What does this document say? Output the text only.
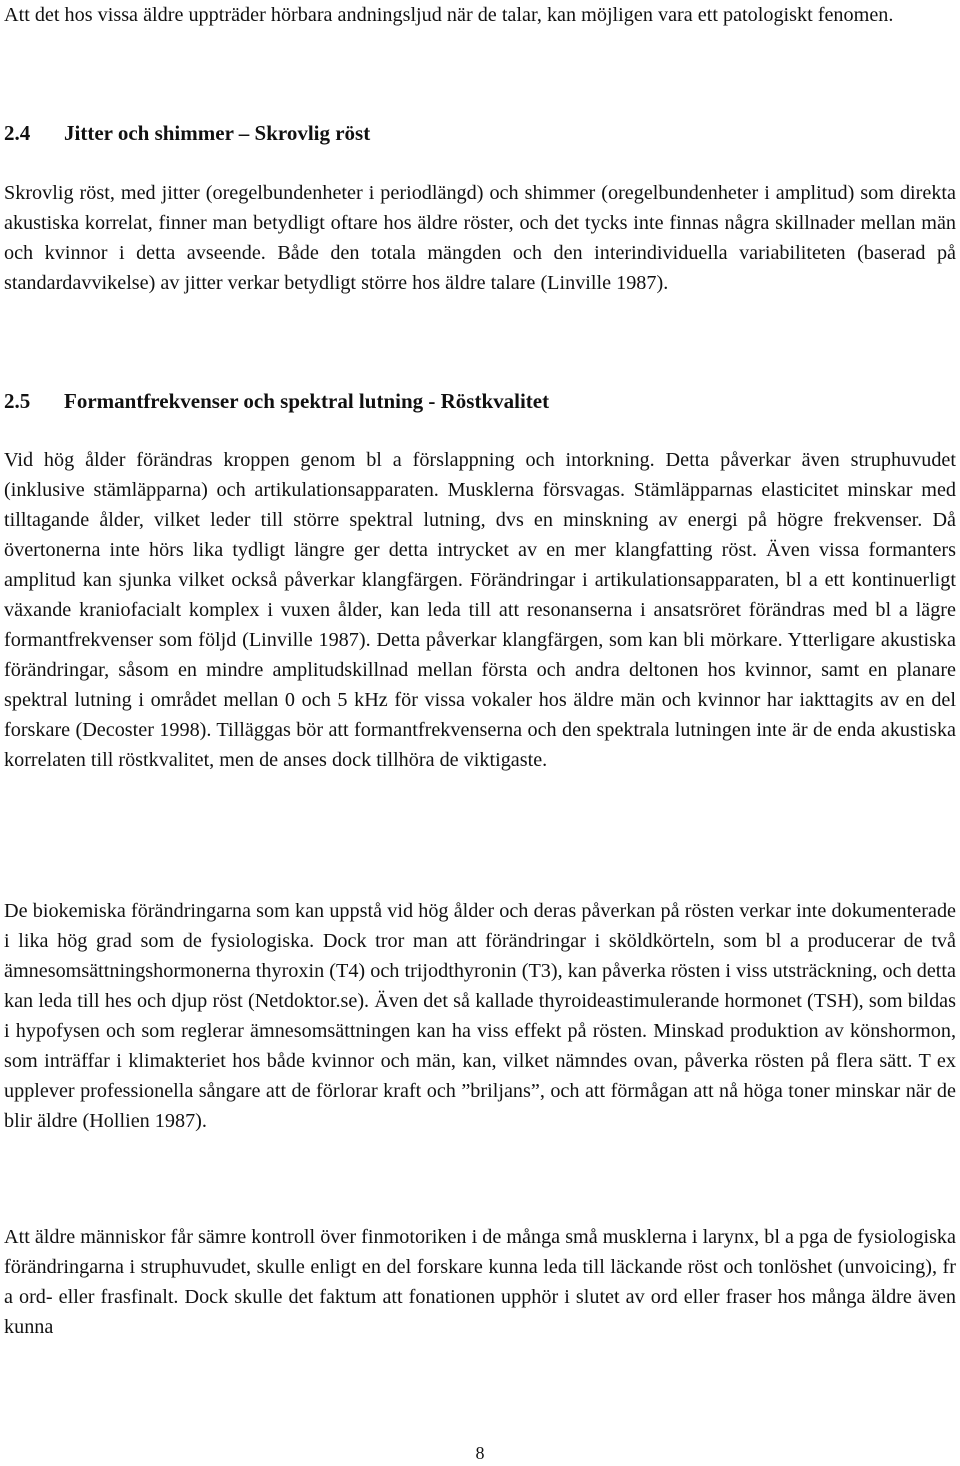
Att det hos vissa äldre uppträder hörbara andningsljud när de talar, kan möjligen vara ett patologiskt fenomen.

2.4 Jitter och shimmer – Skrovlig röst

Skrovlig röst, med jitter (oregelbundenheter i periodlängd) och shimmer (oregelbundenheter i amplitud) som direkta akustiska korrelat, finner man betydligt oftare hos äldre röster, och det tycks inte finnas några skillnader mellan män och kvinnor i detta avseende. Både den totala mängden och den interindividuella variabiliteten (baserad på standardavvikelse) av jitter verkar betydligt större hos äldre talare (Linville 1987).

2.5 Formantfrekvenser och spektral lutning - Röstkvalitet

Vid hög ålder förändras kroppen genom bl a förslappning och intorkning. Detta påverkar även struphuvudet (inklusive stämläpparna) och artikulationsapparaten. Musklerna försvagas. Stämläpparnas elasticitet minskar med tilltagande ålder, vilket leder till större spektral lutning, dvs en minskning av energi på högre frekvenser. Då övertonerna inte hörs lika tydligt längre ger detta intrycket av en mer klangfatting röst. Även vissa formanters amplitud kan sjunka vilket också påverkar klangfärgen. Förändringar i artikulationsapparaten, bl a ett kontinuerligt växande kraniofacialt komplex i vuxen ålder, kan leda till att resonanserna i ansatsröret förändras med bl a lägre formantfrekvenser som följd (Linville 1987). Detta påverkar klangfärgen, som kan bli mörkare. Ytterligare akustiska förändringar, såsom en mindre amplitudskillnad mellan första och andra deltonen hos kvinnor, samt en planare spektral lutning i området mellan 0 och 5 kHz för vissa vokaler hos äldre män och kvinnor har iakttagits av en del forskare (Decoster 1998). Tilläggas bör att formantfrekvenserna och den spektrala lutningen inte är de enda akustiska korrelaten till röstkvalitet, men de anses dock tillhöra de viktigaste.

De biokemiska förändringarna som kan uppstå vid hög ålder och deras påverkan på rösten verkar inte dokumenterade i lika hög grad som de fysiologiska. Dock tror man att förändringar i sköldkörteln, som bl a producerar de två ämnesomsättningshormonerna thyroxin (T4) och trijodthyronin (T3), kan påverka rösten i viss utsträckning, och detta kan leda till hes och djup röst (Netdoktor.se). Även det så kallade thyroideastimulerande hormonet (TSH), som bildas i hypofysen och som reglerar ämnesomsättningen kan ha viss effekt på rösten. Minskad produktion av könshormon, som inträffar i klimakteriet hos både kvinnor och män, kan, vilket nämndes ovan, påverka rösten på flera sätt. T ex upplever professionella sångare att de förlorar kraft och ”briljans”, och att förmågan att nå höga toner minskar när de blir äldre (Hollien 1987).

Att äldre människor får sämre kontroll över finmotoriken i de många små musklerna i larynx, bl a pga de fysiologiska förändringarna i struphuvudet, skulle enligt en del forskare kunna leda till läckande röst och tonlöshet (unvoicing), fr a ord- eller frasfinalt. Dock skulle det faktum att fonationen upphör i slutet av ord eller fraser hos många äldre även kunna

8
